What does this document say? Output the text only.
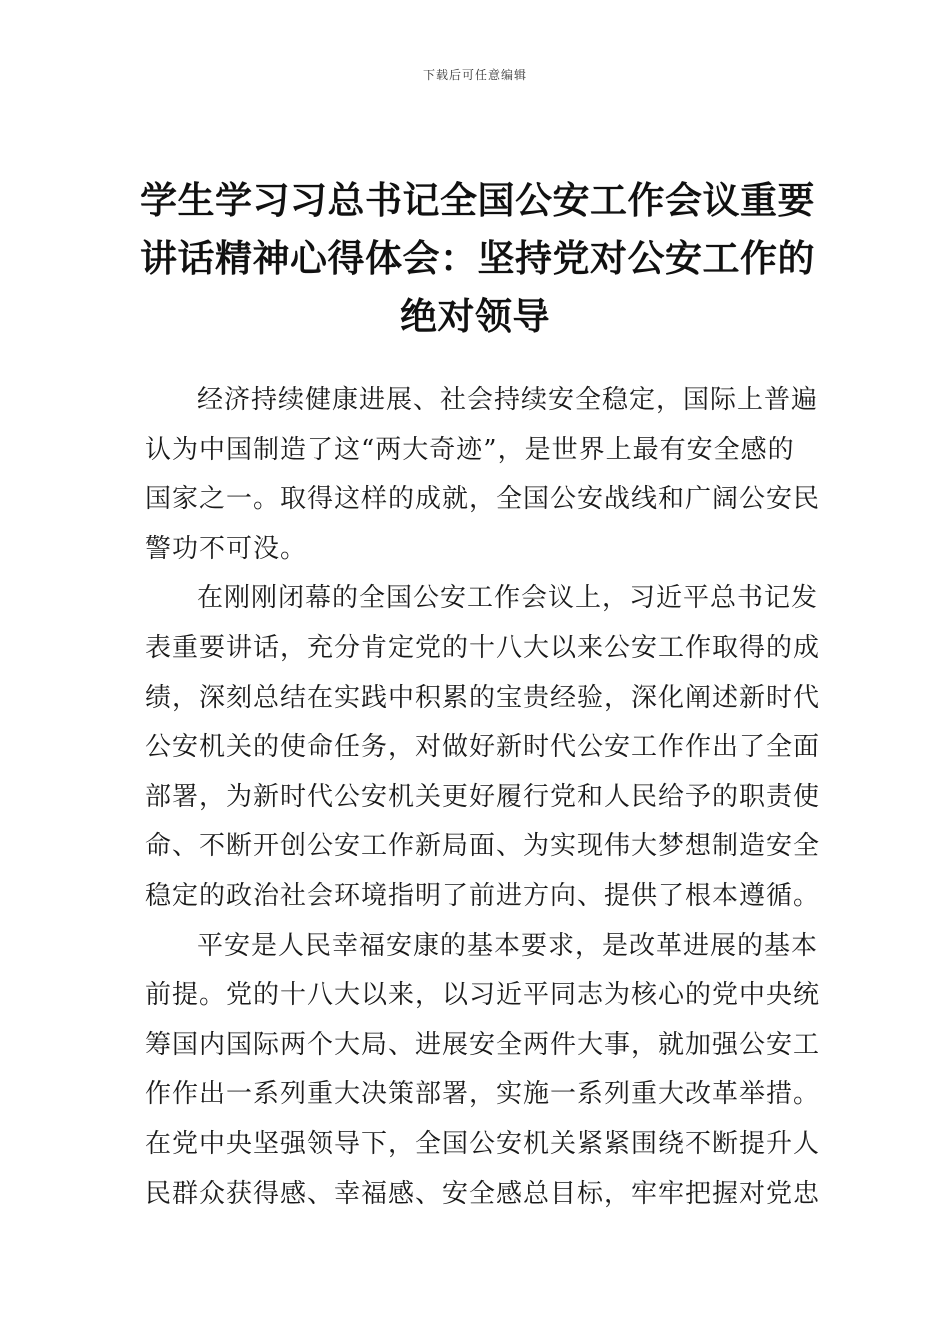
下载后可任意编辑
学生学习习总书记全国公安工作会议重要
讲话精神心得体会：坚持党对公安工作的
绝对领导

经济持续健康进展、社会持续安全稳定，国际上普遍
认为中国制造了这“两大奇迹”，是世界上最有安全感的
国家之一。取得这样的成就，全国公安战线和广阔公安民
警功不可没。

在刚刚闭幕的全国公安工作会议上，习近平总书记发
表重要讲话，充分肯定党的十八大以来公安工作取得的成
绩，深刻总结在实践中积累的宝贵经验，深化阐述新时代
公安机关的使命任务，对做好新时代公安工作作出了全面
部署，为新时代公安机关更好履行党和人民给予的职责使
命、不断开创公安工作新局面、为实现伟大梦想制造安全
稳定的政治社会环境指明了前进方向、提供了根本遵循。

平安是人民幸福安康的基本要求，是改革进展的基本
前提。党的十八大以来，以习近平同志为核心的党中央统
筹国内国际两个大局、进展安全两件大事，就加强公安工
作作出一系列重大决策部署，实施一系列重大改革举措。
在党中央坚强领导下，全国公安机关紧紧围绕不断提升人
民群众获得感、幸福感、安全感总目标，牢牢把握对党忠
